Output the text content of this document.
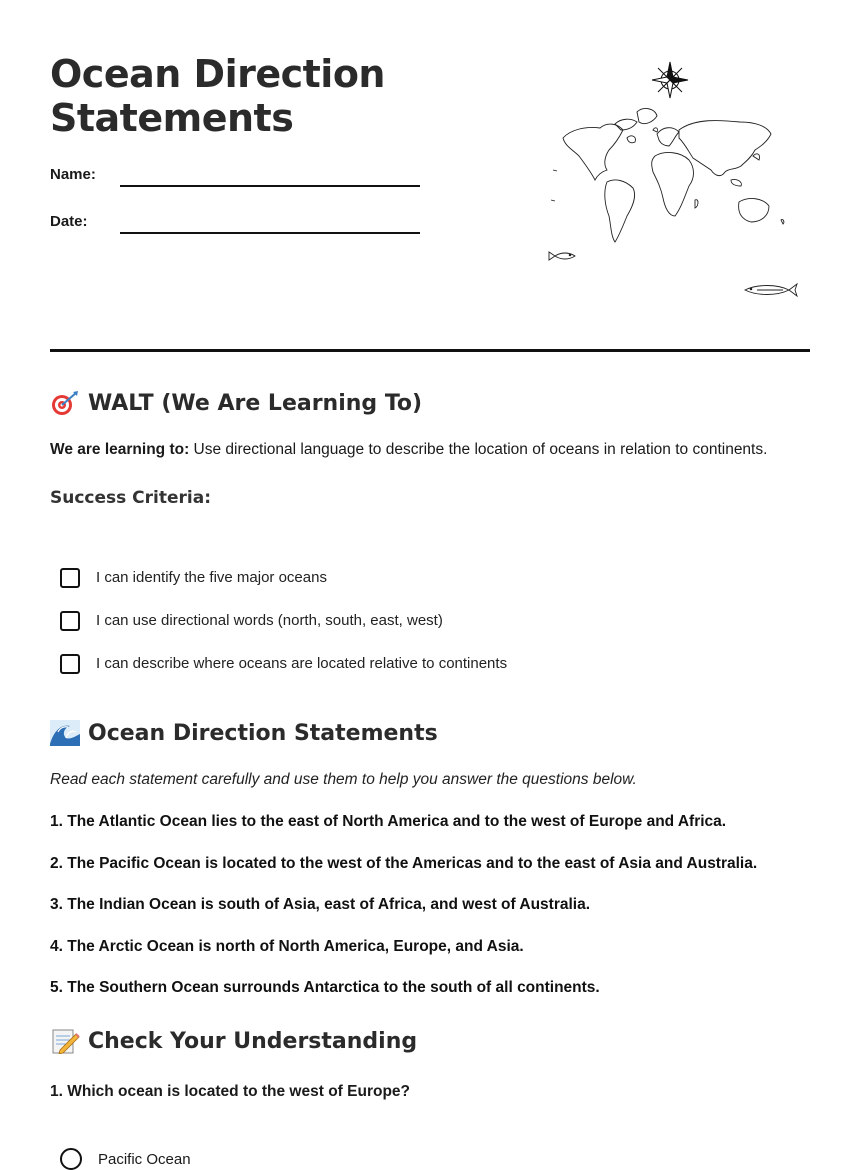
Ocean Direction Statements
Name:
Date:
WALT (We Are Learning To)
We are learning to: Use directional language to describe the location of oceans in relation to continents.
Success Criteria:
I can identify the five major oceans
I can use directional words (north, south, east, west)
I can describe where oceans are located relative to continents
Ocean Direction Statements
Read each statement carefully and use them to help you answer the questions below.
1. The Atlantic Ocean lies to the east of North America and to the west of Europe and Africa.
2. The Pacific Ocean is located to the west of the Americas and to the east of Asia and Australia.
3. The Indian Ocean is south of Asia, east of Africa, and west of Australia.
4. The Arctic Ocean is north of North America, Europe, and Asia.
5. The Southern Ocean surrounds Antarctica to the south of all continents.
Check Your Understanding
1. Which ocean is located to the west of Europe?
Pacific Ocean
